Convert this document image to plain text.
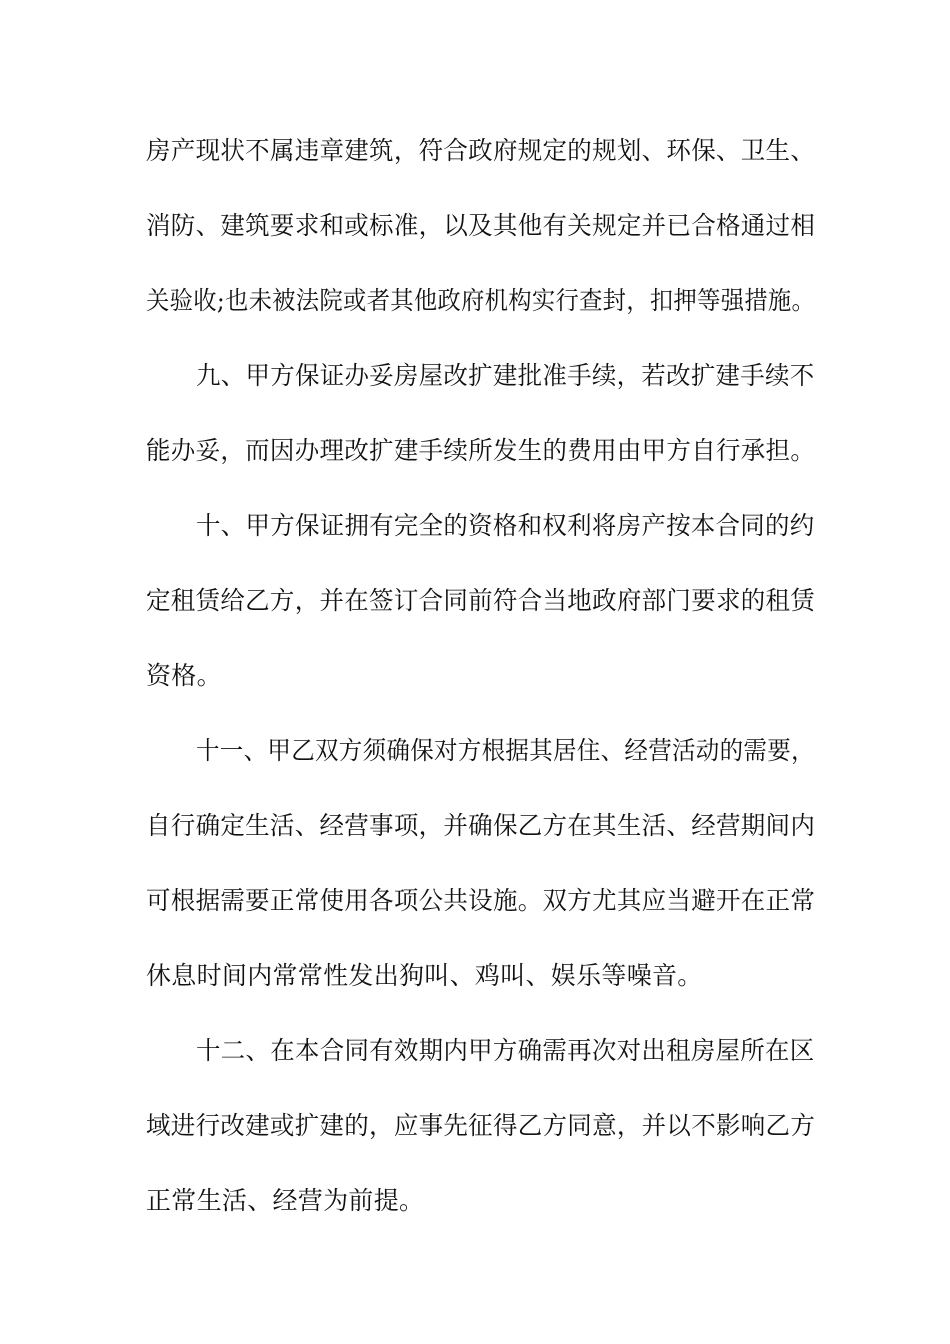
房产现状不属违章建筑，符合政府规定的规划、环保、卫生、
消防、建筑要求和或标准，以及其他有关规定并已合格通过相
关验收;也未被法院或者其他政府机构实行查封，扣押等强措施。
九、甲方保证办妥房屋改扩建批准手续，若改扩建手续不
能办妥，而因办理改扩建手续所发生的费用由甲方自行承担。
十、甲方保证拥有完全的资格和权利将房产按本合同的约
定租赁给乙方，并在签订合同前符合当地政府部门要求的租赁
资格。
十一、甲乙双方须确保对方根据其居住、经营活动的需要，
自行确定生活、经营事项，并确保乙方在其生活、经营期间内
可根据需要正常使用各项公共设施。双方尤其应当避开在正常
休息时间内常常性发出狗叫、鸡叫、娱乐等噪音。
十二、在本合同有效期内甲方确需再次对出租房屋所在区
域进行改建或扩建的，应事先征得乙方同意，并以不影响乙方
正常生活、经营为前提。
